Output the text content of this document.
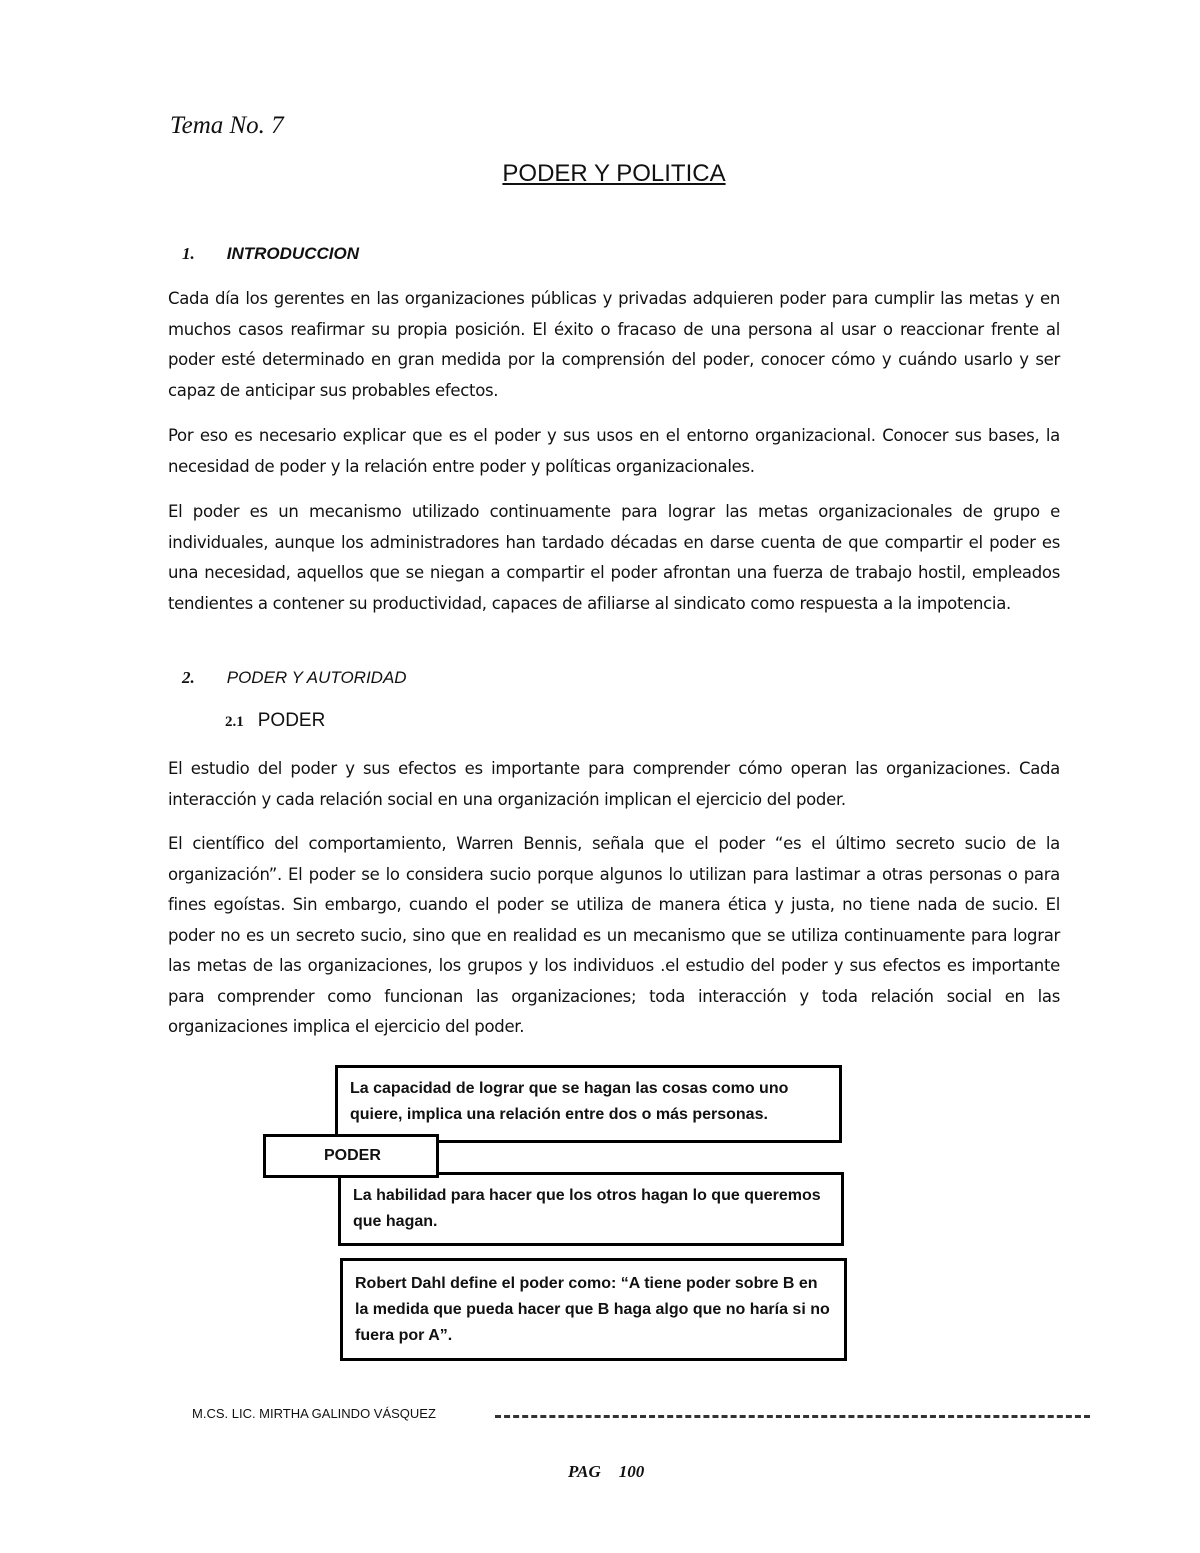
Tema No. 7
PODER Y POLITICA
1. INTRODUCCION

Cada día los gerentes en las organizaciones públicas y privadas adquieren poder para cumplir las metas y en muchos casos reafirmar su propia posición. El éxito o fracaso de una persona al usar o reaccionar frente al poder esté determinado en gran medida por la comprensión del poder, conocer cómo y cuándo usarlo y ser capaz de anticipar sus probables efectos.

Por eso es necesario explicar que es el poder y sus usos en el entorno organizacional. Conocer sus bases, la necesidad de poder y la relación entre poder y políticas organizacionales.

El poder es un mecanismo utilizado continuamente para lograr las metas organizacionales de grupo e individuales, aunque los administradores han tardado décadas en darse cuenta de que compartir el poder es una necesidad, aquellos que se niegan a compartir el poder afrontan una fuerza de trabajo hostil, empleados tendientes a contener su productividad, capaces de afiliarse al sindicato como respuesta a la impotencia.

2. PODER Y AUTORIDAD
2.1 PODER

El estudio del poder y sus efectos es importante para comprender cómo operan las organizaciones. Cada interacción y cada relación social en una organización implican el ejercicio del poder.

El científico del comportamiento, Warren Bennis, señala que el poder “es el último secreto sucio de la organización”. El poder se lo considera sucio porque algunos lo utilizan para lastimar a otras personas o para fines egoístas. Sin embargo, cuando el poder se utiliza de manera ética y justa, no tiene nada de sucio. El poder no es un secreto sucio, sino que en realidad es un mecanismo que se utiliza continuamente para lograr las metas de las organizaciones, los grupos y los individuos .el estudio del poder y sus efectos es importante para comprender como funcionan las organizaciones; toda interacción y toda relación social en las organizaciones implica el ejercicio del poder.

La capacidad de lograr que se hagan las cosas como uno quiere, implica una relación entre dos o más personas.
La habilidad para hacer que los otros hagan lo que queremos que hagan.
PODER
Robert Dahl define el poder como: “A tiene poder sobre B en la medida que pueda hacer que B haga algo que no haría si no fuera por A”.
M.CS. LIC. MIRTHA GALINDO VÁSQUEZ
PAG 100
